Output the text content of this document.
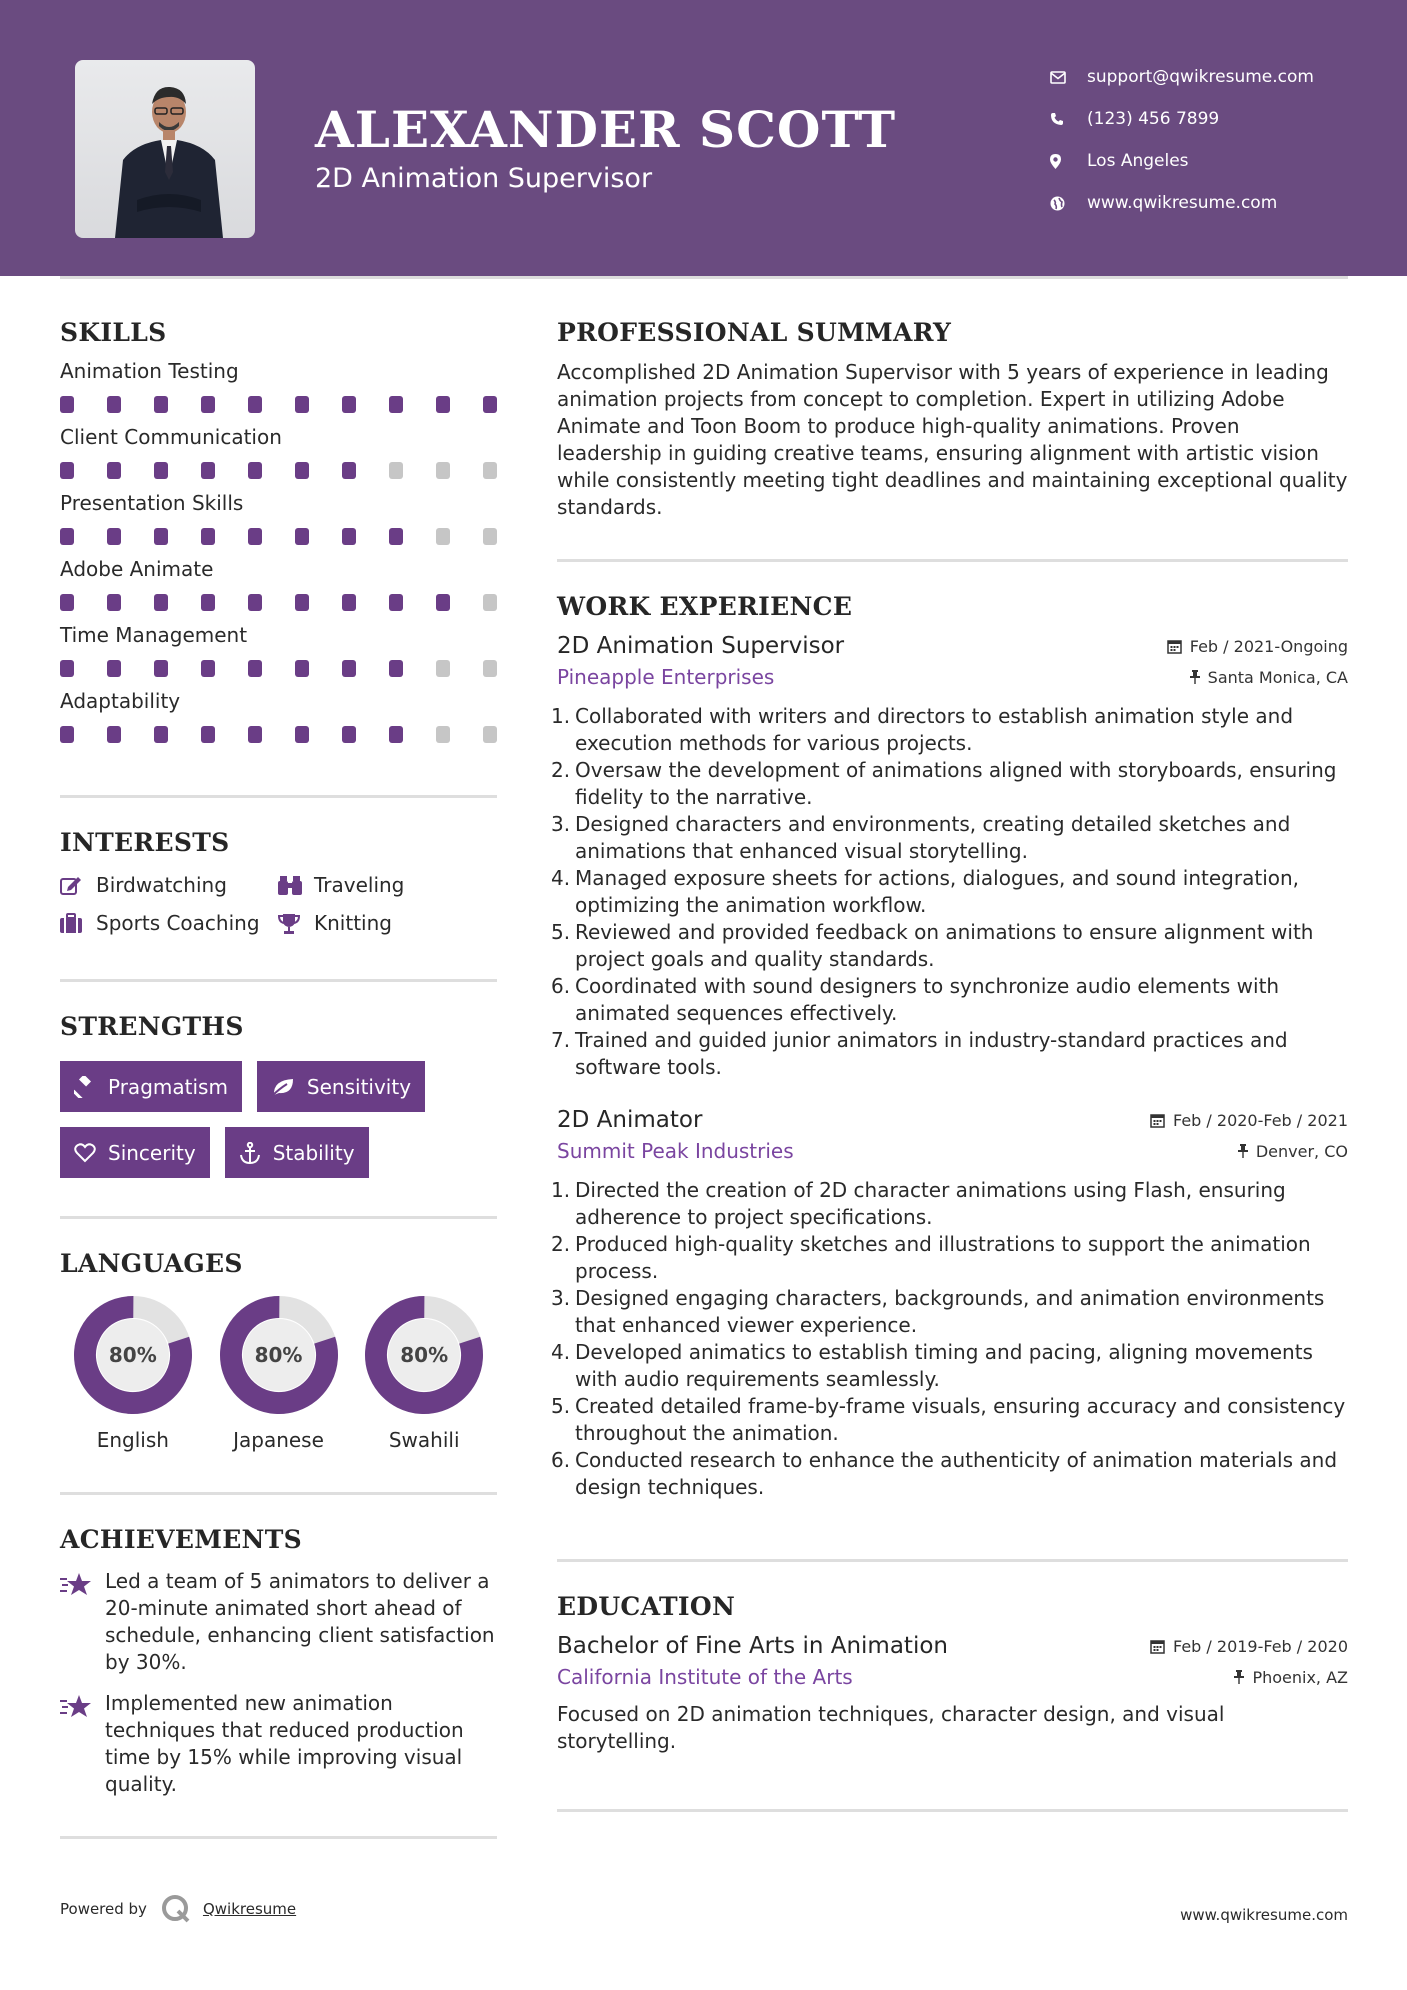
ALEXANDER SCOTT
2D Animation Supervisor
support@qwikresume.com
(123) 456 7899
Los Angeles
www.qwikresume.com
SKILLS
Animation Testing
Client Communication
Presentation Skills
Adobe Animate
Time Management
Adaptability
INTERESTS
Birdwatching	Traveling
Sports Coaching	Knitting
STRENGTHS
Pragmatism	Sensitivity
Sincerity	Stability
LANGUAGES
80%
English
80%
Japanese
80%
Swahili
ACHIEVEMENTS
Led a team of 5 animators to deliver a 20-minute animated short ahead of schedule, enhancing client satisfaction by 30%.
Implemented new animation techniques that reduced production time by 15% while improving visual quality.
Powered by	Qwikresume	www.qwikresume.com
PROFESSIONAL SUMMARY
Accomplished 2D Animation Supervisor with 5 years of experience in leading animation projects from concept to completion. Expert in utilizing Adobe Animate and Toon Boom to produce high-quality animations. Proven leadership in guiding creative teams, ensuring alignment with artistic vision while consistently meeting tight deadlines and maintaining exceptional quality standards.
WORK EXPERIENCE
2D Animation Supervisor	Feb / 2021-Ongoing
Pineapple Enterprises	Santa Monica, CA
1. Collaborated with writers and directors to establish animation style and execution methods for various projects.
2. Oversaw the development of animations aligned with storyboards, ensuring fidelity to the narrative.
3. Designed characters and environments, creating detailed sketches and animations that enhanced visual storytelling.
4. Managed exposure sheets for actions, dialogues, and sound integration, optimizing the animation workflow.
5. Reviewed and provided feedback on animations to ensure alignment with project goals and quality standards.
6. Coordinated with sound designers to synchronize audio elements with animated sequences effectively.
7. Trained and guided junior animators in industry-standard practices and software tools.
2D Animator	Feb / 2020-Feb / 2021
Summit Peak Industries	Denver, CO
1. Directed the creation of 2D character animations using Flash, ensuring adherence to project specifications.
2. Produced high-quality sketches and illustrations to support the animation process.
3. Designed engaging characters, backgrounds, and animation environments that enhanced viewer experience.
4. Developed animatics to establish timing and pacing, aligning movements with audio requirements seamlessly.
5. Created detailed frame-by-frame visuals, ensuring accuracy and consistency throughout the animation.
6. Conducted research to enhance the authenticity of animation materials and design techniques.
EDUCATION
Bachelor of Fine Arts in Animation	Feb / 2019-Feb / 2020
California Institute of the Arts	Phoenix, AZ
Focused on 2D animation techniques, character design, and visual storytelling.
